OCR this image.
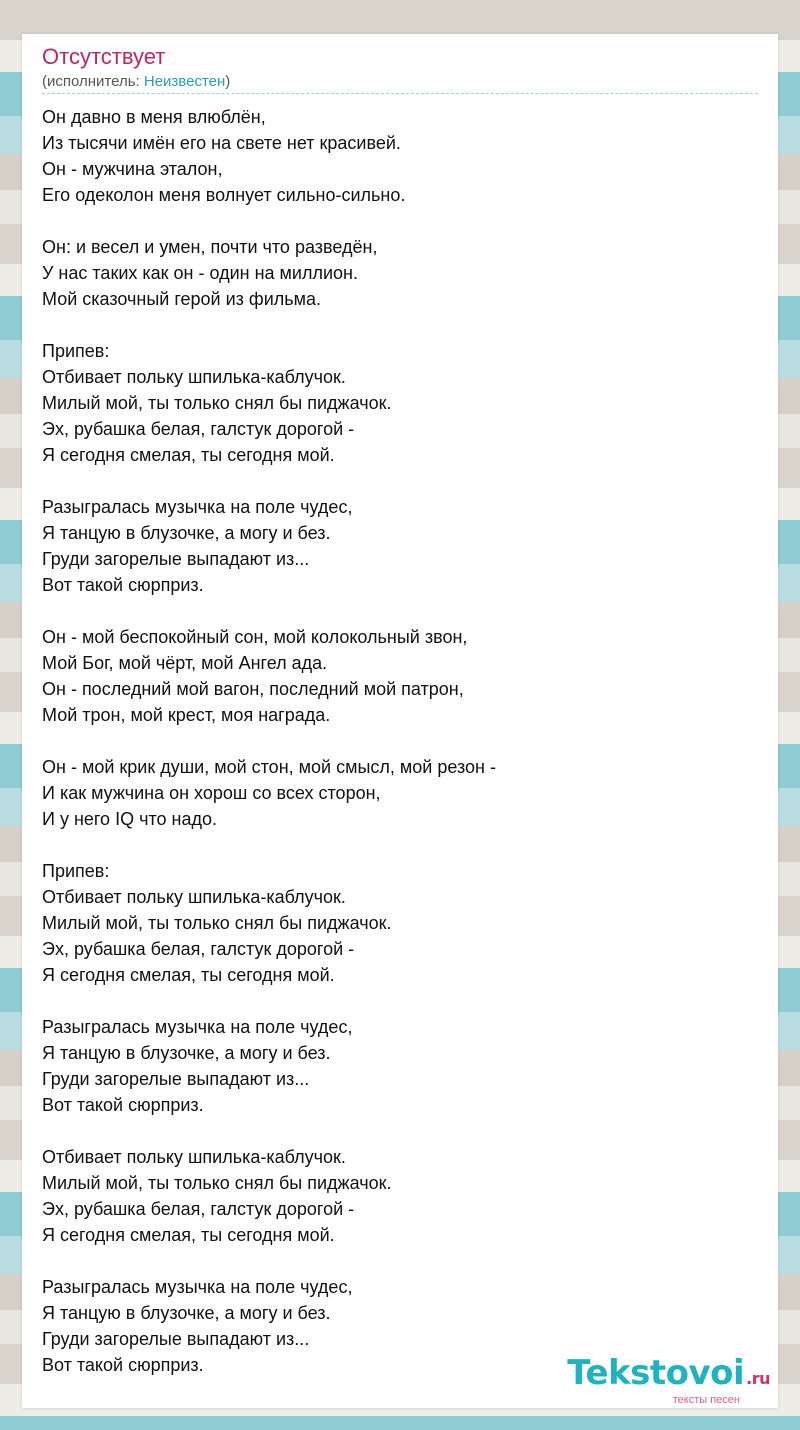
Отсутствует
(исполнитель: Неизвестен)
Он давно в меня влюблён,
Из тысячи имён его на свете нет красивей.
Он - мужчина эталон,
Его одеколон меня волнует сильно-сильно.
Он: и весел и умен, почти что разведён,
У нас таких как он - один на миллион.
Мой сказочный герой из фильма.
Припев:
Отбивает польку шпилька-каблучок.
Милый мой, ты только снял бы пиджачок.
Эх, рубашка белая, галстук дорогой -
Я сегодня смелая, ты сегодня мой.
Разыгралась музычка на поле чудес,
Я танцую в блузочке, а могу и без.
Груди загорелые выпадают из...
Вот такой сюрприз.
Он - мой беспокойный сон, мой колокольный звон,
Мой Бог, мой чёрт, мой Ангел ада.
Он - последний мой вагон, последний мой патрон,
Мой трон, мой крест, моя награда.
Он - мой крик души, мой стон, мой смысл, мой резон -
И как мужчина он хорош со всех сторон,
И у него IQ что надо.
Припев:
Отбивает польку шпилька-каблучок.
Милый мой, ты только снял бы пиджачок.
Эх, рубашка белая, галстук дорогой -
Я сегодня смелая, ты сегодня мой.
Разыгралась музычка на поле чудес,
Я танцую в блузочке, а могу и без.
Груди загорелые выпадают из...
Вот такой сюрприз.
Отбивает польку шпилька-каблучок.
Милый мой, ты только снял бы пиджачок.
Эх, рубашка белая, галстук дорогой -
Я сегодня смелая, ты сегодня мой.
Разыгралась музычка на поле чудес,
Я танцую в блузочке, а могу и без.
Груди загорелые выпадают из...
Вот такой сюрприз.	Tekstovoi .ru
тексты песен
